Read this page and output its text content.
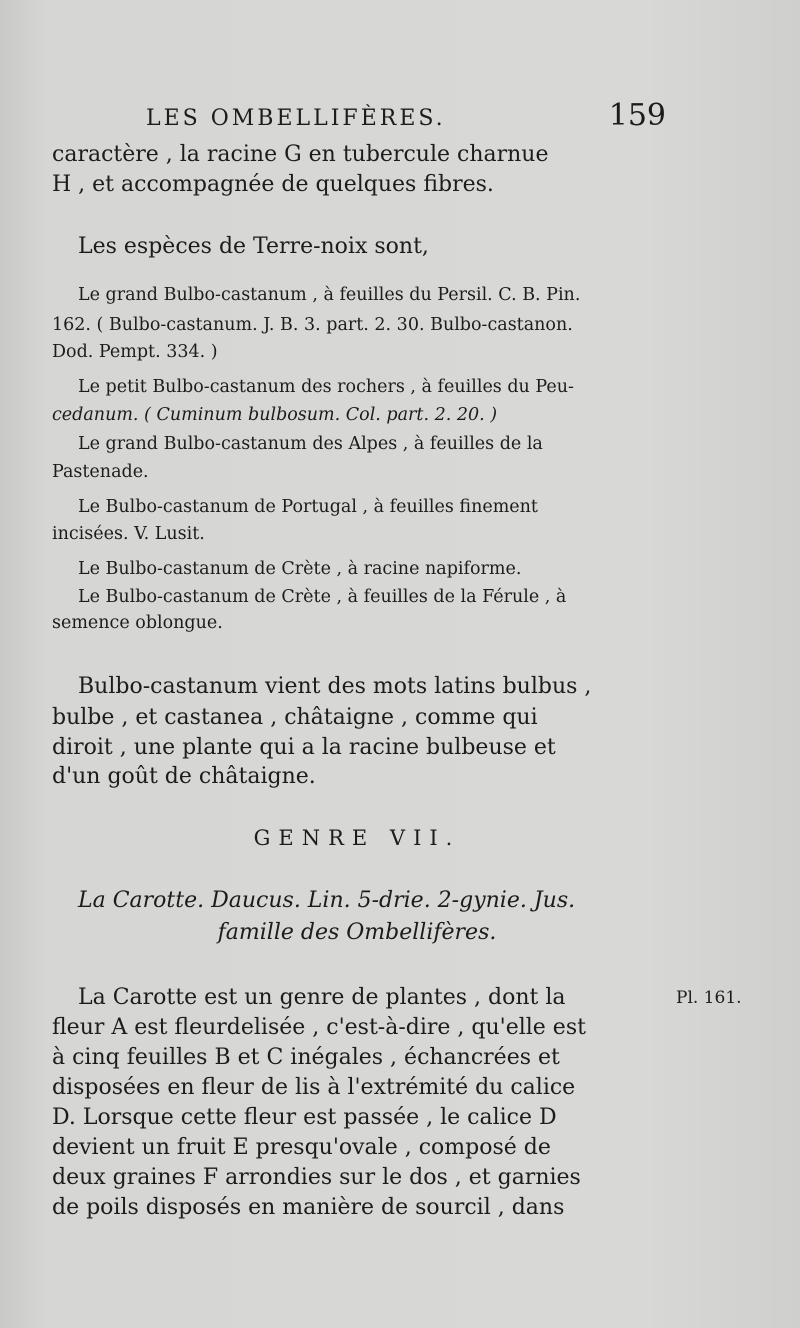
LES OMBELLIFÈRES.	159
caractère , la racine G en tubercule charnue
H , et accompagnée de quelques fibres.
Les espèces de Terre-noix sont,
Le grand Bulbo-castanum , à feuilles du Persil. C. B. Pin.
162. ( Bulbo-castanum. J. B. 3. part. 2. 30. Bulbo-castanon.
Dod. Pempt. 334. )
Le petit Bulbo-castanum des rochers , à feuilles du Peu-
cedanum. ( Cuminum bulbosum. Col. part. 2. 20. )
Le grand Bulbo-castanum des Alpes , à feuilles de la
Pastenade.
Le Bulbo-castanum de Portugal , à feuilles finement
incisées. V. Lusit.
Le Bulbo-castanum de Crète , à racine napiforme.
Le Bulbo-castanum de Crète , à feuilles de la Férule , à
semence oblongue.
Bulbo-castanum vient des mots latins bulbus ,
bulbe , et castanea , châtaigne , comme qui
diroit , une plante qui a la racine bulbeuse et
d'un goût de châtaigne.
GENRE VII.
La Carotte. Daucus. Lin. 5-drie. 2-gynie. Jus.
famille des Ombellifères.
La Carotte est un genre de plantes , dont la
fleur A est fleurdelisée , c'est-à-dire , qu'elle est
à cinq feuilles B et C inégales , échancrées et
disposées en fleur de lis à l'extrémité du calice
D. Lorsque cette fleur est passée , le calice D
devient un fruit E presqu'ovale , composé de
deux graines F arrondies sur le dos , et garnies
de poils disposés en manière de sourcil , dans
Pl. 161.
